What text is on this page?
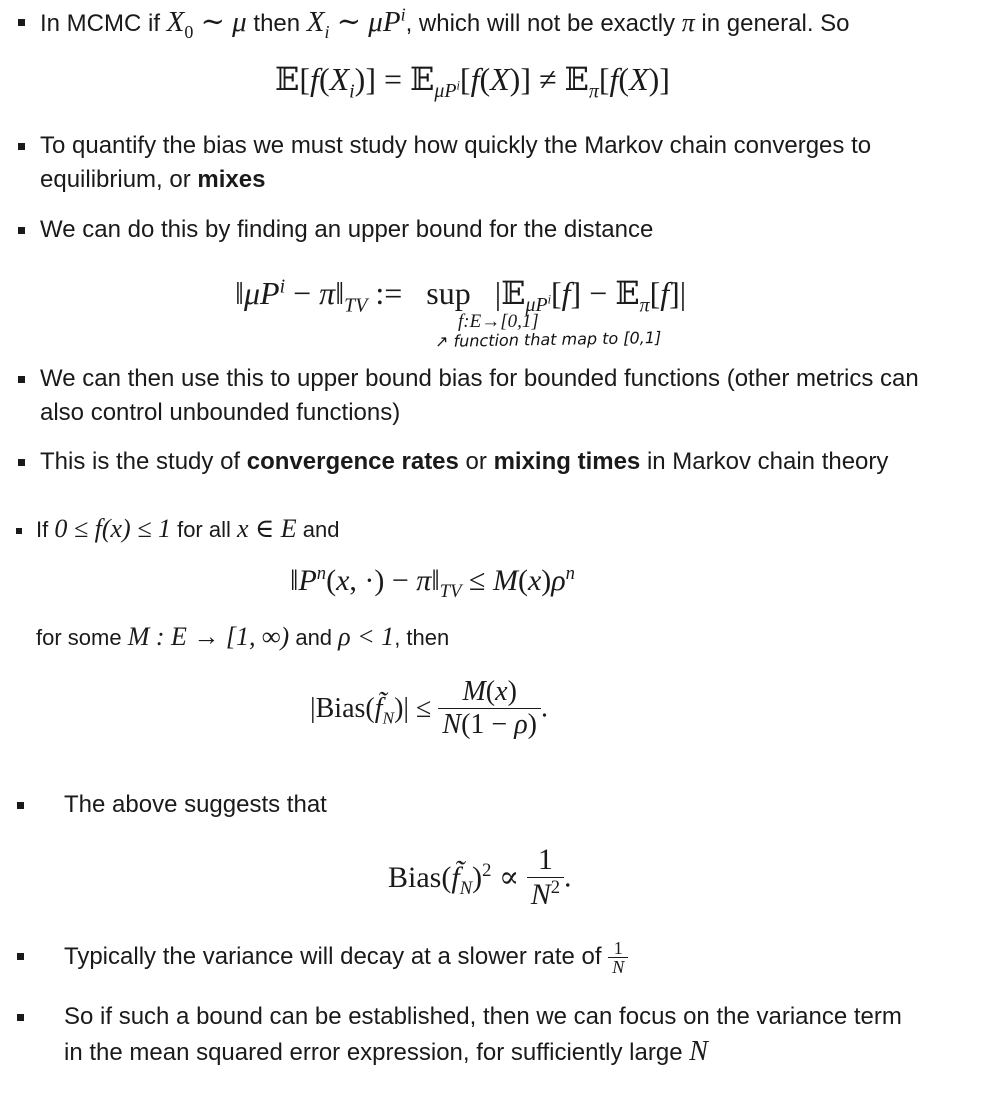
In MCMC if $X_0$ ∼ μ then $X_i$ ∼ $\mu P^i$, which will not be exactly π in general. So
$𝔼[f(X_i)]$ = 𝔼$_{\mu P^i}$[f(X)] ≠ 𝔼$_\pi$[f(X)]
To quantify the bias we must study how quickly the Markov chain converges to
equilibrium, or mixes
We can do this by finding an upper bound for the distance
$‖\mu P^i$ − $\pi‖_{TV}$ :=   sup   |𝔼$_{\mu P^i}$[f] − 𝔼$_\pi$[f]|
f:E→[0,1]
↗ function that map to [0,1]
We can then use this to upper bound bias for bounded functions (other metrics can
also control unbounded functions)
This is the study of convergence rates or mixing times in Markov chain theory
If 0 ≤ f(x) ≤ 1 for all x ∈ E and
$‖P^n(x$, ·) − $\pi‖_{TV} \le M(x)\rho^n$
for some M : E → [1, ∞) and ρ < 1, then
$|Bias(f̃_N)| \le \frac{M(x)}{N(1 - \rho)}$ .
The above suggests that
$Bias(f̃_N)^2 \propto \frac{1}{N^2}$ .
Typically the variance will decay at a slower rate of $\frac{1}{N}$
So if such a bound can be established, then we can focus on the variance term
in the mean squared error expression, for sufficiently large N
